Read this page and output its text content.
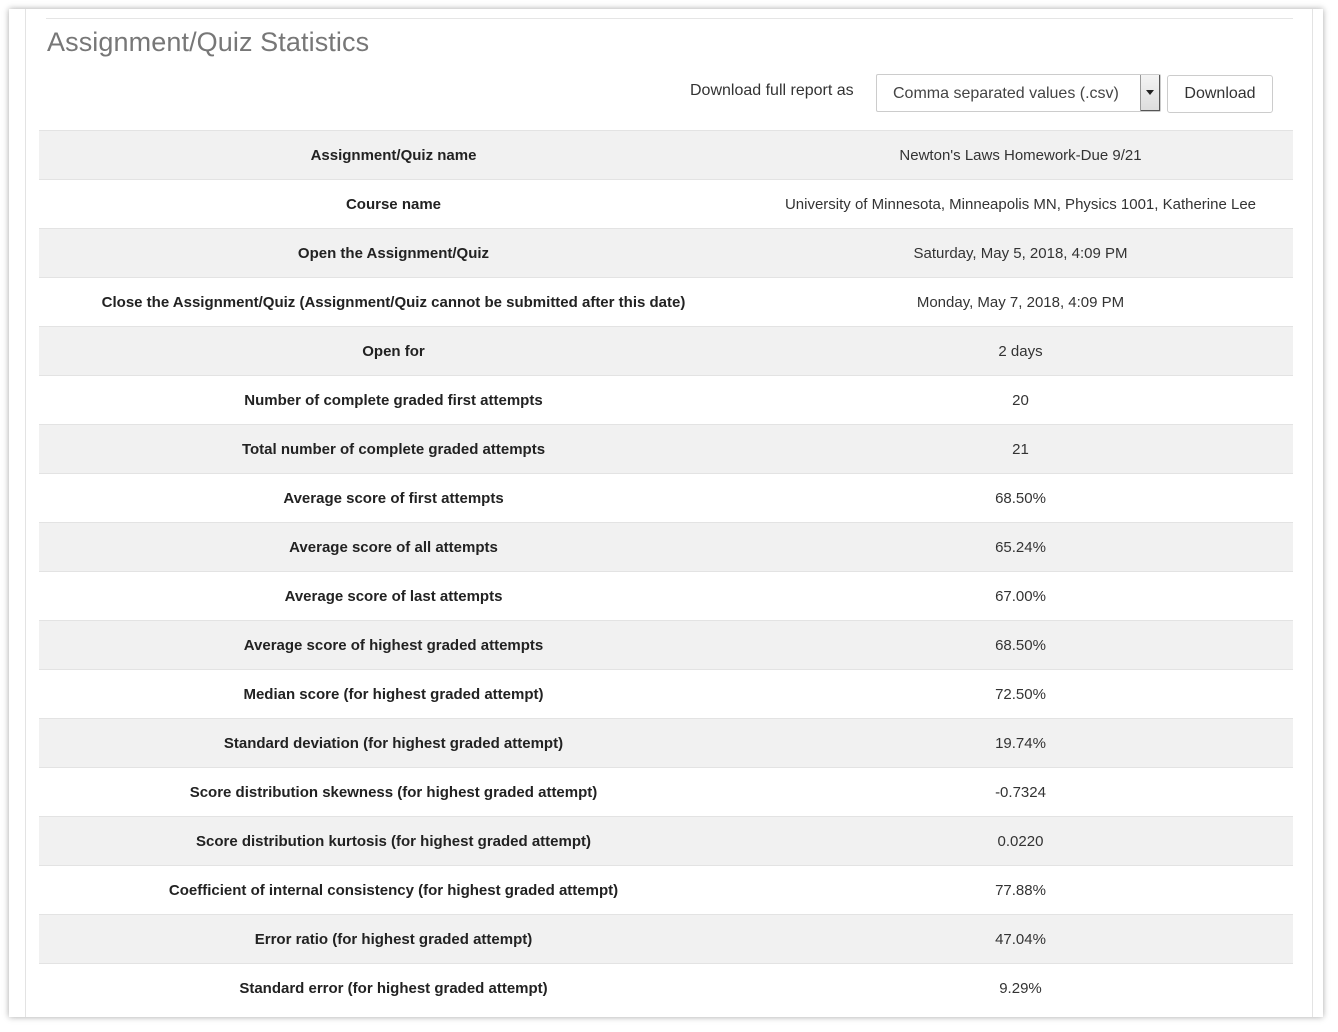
Assignment/Quiz Statistics
Download full report as Comma separated values (.csv)	Download
Assignment/Quiz name	Newton's Laws Homework-Due 9/21
Course name	University of Minnesota, Minneapolis MN, Physics 1001, Katherine Lee
Open the Assignment/Quiz	Saturday, May 5, 2018, 4:09 PM
Close the Assignment/Quiz (Assignment/Quiz cannot be submitted after this date)	Monday, May 7, 2018, 4:09 PM
Open for	2 days
Number of complete graded first attempts	20
Total number of complete graded attempts	21
Average score of first attempts	68.50%
Average score of all attempts	65.24%
Average score of last attempts	67.00%
Average score of highest graded attempts	68.50%
Median score (for highest graded attempt)	72.50%
Standard deviation (for highest graded attempt)	19.74%
Score distribution skewness (for highest graded attempt)	-0.7324
Score distribution kurtosis (for highest graded attempt)	0.0220
Coefficient of internal consistency (for highest graded attempt)	77.88%
Error ratio (for highest graded attempt)	47.04%
Standard error (for highest graded attempt)	9.29%
